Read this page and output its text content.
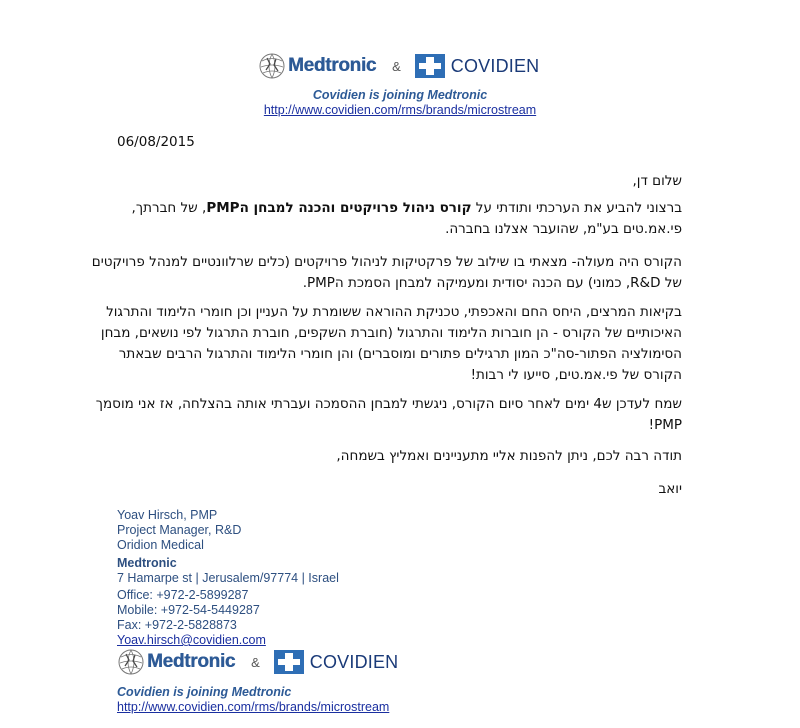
Medtronic &	COVIDIEN
Covidien is joining Medtronic
http://www.covidien.com/rms/brands/microstream
06/08/2015

שלום דן,

ברצוני להביע את הערכתי ותודתי על קורס ניהול פרויקטים והכנה למבחן הPMP, של חברתך, פי.אמ.טים בע"מ, שהועבר אצלנו בחברה.

הקורס היה מעולה- מצאתי בו שילוב של פרקטיקות לניהול פרויקטים (כלים שרלוונטיים למנהל פרויקטים של R&D, כמוני) עם הכנה יסודית ומעמיקה למבחן הסמכת הPMP.

בקיאות המרצים, היחס החם והאכפתי, טכניקת ההוראה ששומרת על העניין וכן חומרי הלימוד והתרגול האיכותיים של הקורס - הן חוברות הלימוד והתרגול (חוברת השקפים, חוברת התרגול לפי נושאים, מבחן הסימולציה הפתור-סה"כ המון תרגילים פתורים ומוסברים) והן חומרי הלימוד והתרגול הרבים שבאתר הקורס של פי.אמ.טים, סייעו לי רבות!

שמח לעדכן ש4 ימים לאחר סיום הקורס, ניגשתי למבחן ההסמכה ועברתי אותה בהצלחה, אז אני מוסמך PMP!

תודה רבה לכם, ניתן להפנות אליי מתעניינים ואמליץ בשמחה,

יואב

Yoav Hirsch, PMP
Project Manager, R&D
Oridion Medical
Medtronic
7 Hamarpe st | Jerusalem/97774 | Israel
Office: +972-2-5899287
Mobile: +972-54-5449287
Fax: +972-2-5828873
Yoav.hirsch@covidien.com
Medtronic &	COVIDIEN
Covidien is joining Medtronic
http://www.covidien.com/rms/brands/microstream
